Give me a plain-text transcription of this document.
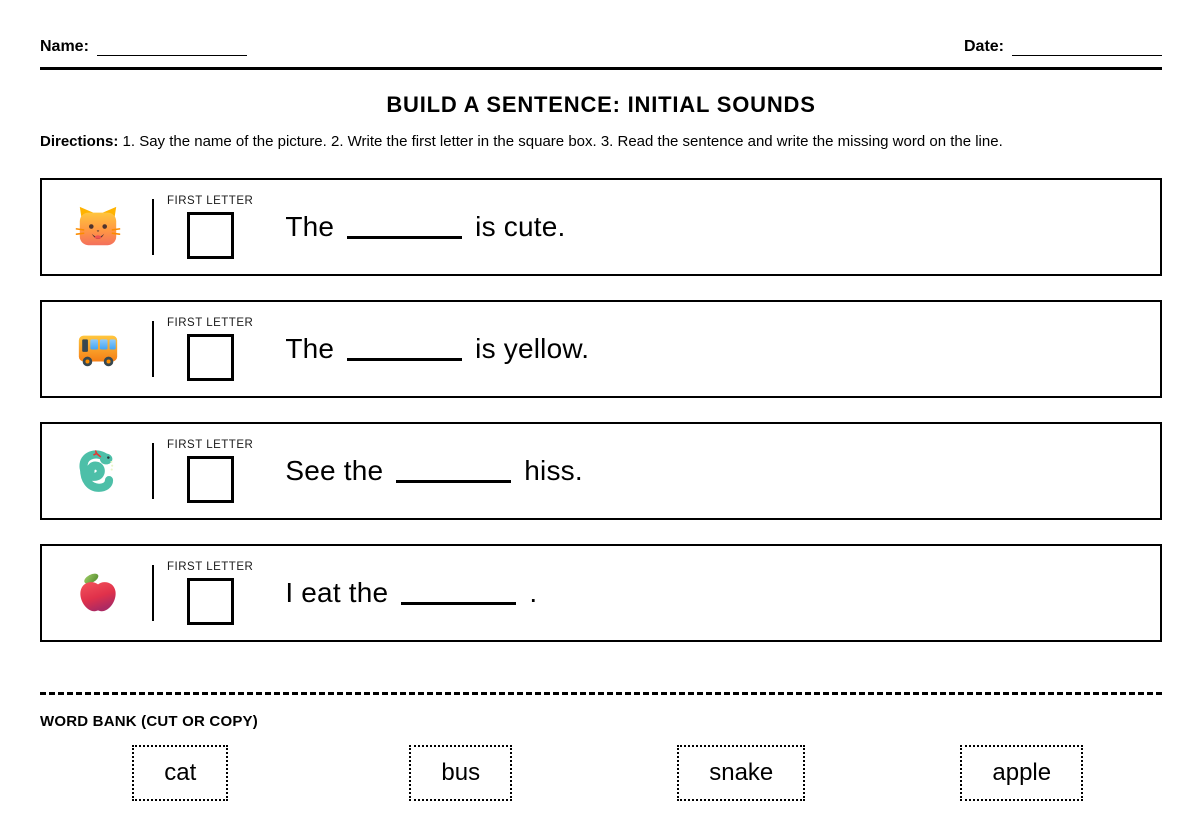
Name:	Date:
BUILD A SENTENCE: INITIAL SOUNDS
Directions: 1. Say the name of the picture. 2. Write the first letter in the square box. 3. Read the sentence and write the missing word on the line.
FIRST LETTER
The	is cute.
FIRST LETTER
The	is yellow.
FIRST LETTER
See the	hiss.
FIRST LETTER
I eat the	.
WORD BANK (CUT OR COPY)
cat	bus	snake	apple
